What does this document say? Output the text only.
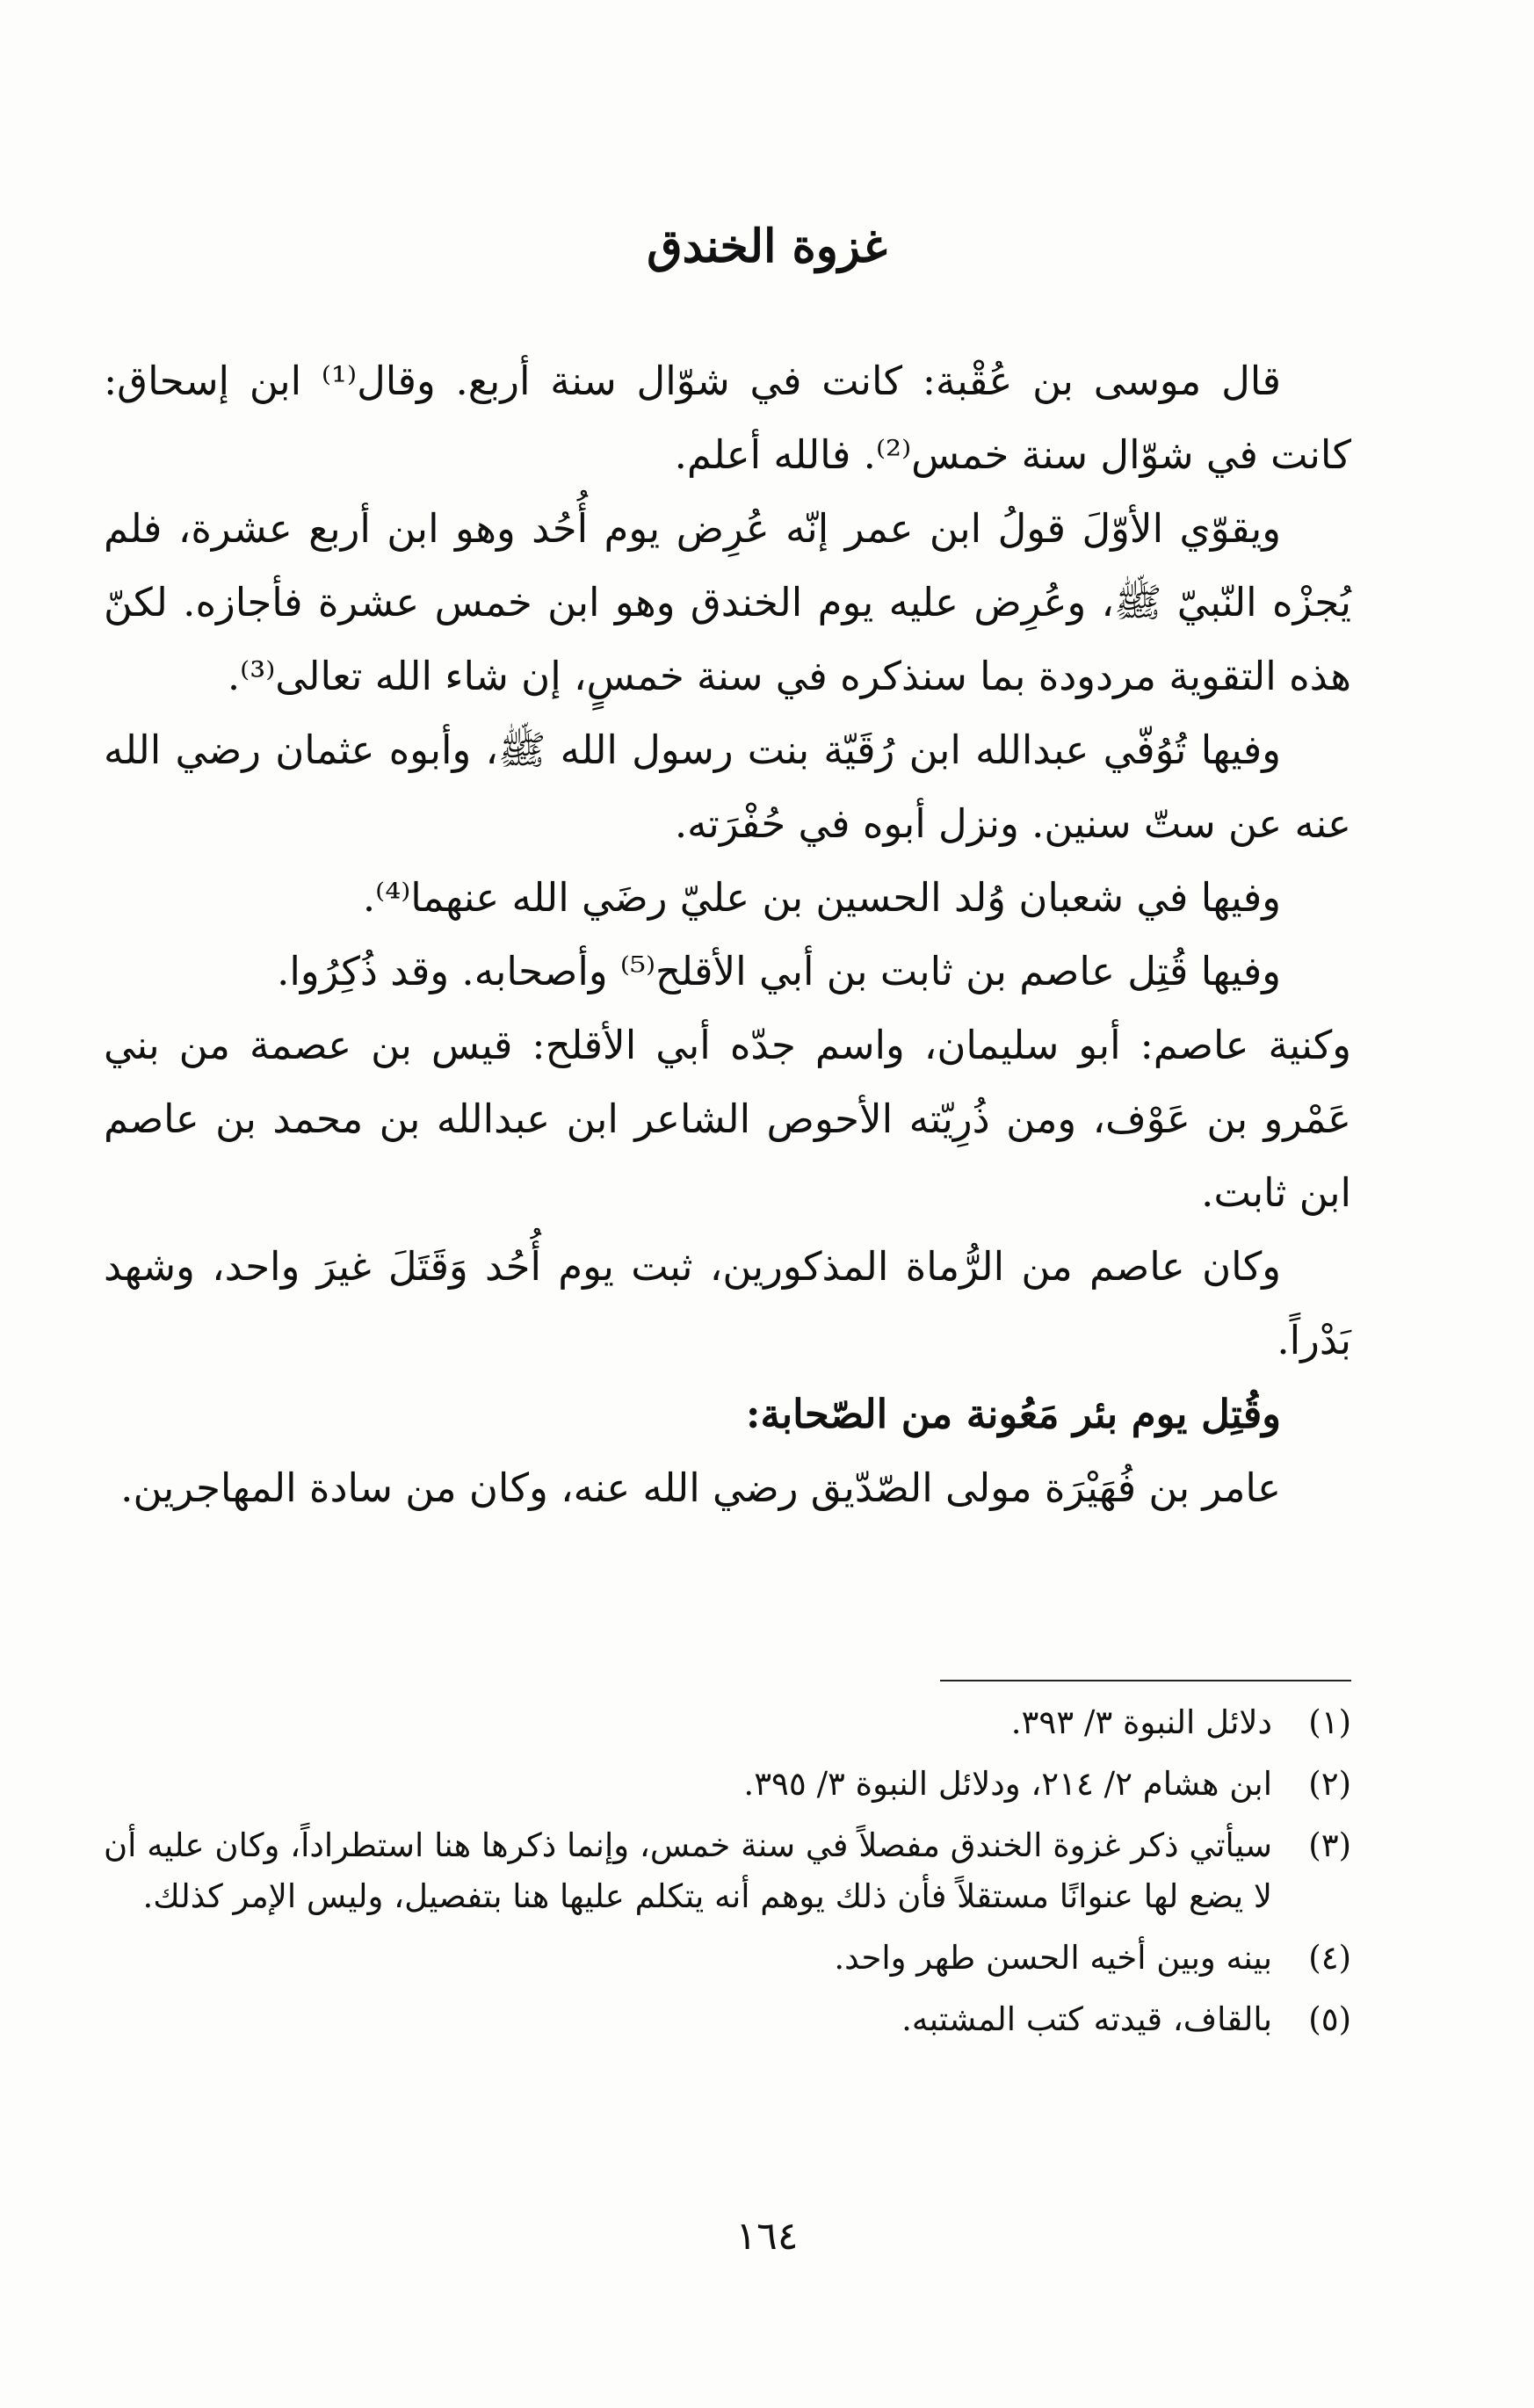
غزوة الخندق

قال موسى بن عُقْبة: كانت في شوّال سنة أربع. وقال⁽¹⁾ ابن إسحاق: كانت في شوّال سنة خمس⁽²⁾. فالله أعلم.

ويقوّي الأوّلَ قولُ ابن عمر إنّه عُرِض يوم أُحُد وهو ابن أربع عشرة، فلم يُجزْه النّبيّ ﷺ، وعُرِض عليه يوم الخندق وهو ابن خمس عشرة فأجازه. لكنّ هذه التقوية مردودة بما سنذكره في سنة خمسٍ، إن شاء الله تعالى⁽³⁾.

وفيها تُوُفّي عبدالله ابن رُقَيّة بنت رسول الله ﷺ، وأبوه عثمان رضي الله عنه عن ستّ سنين. ونزل أبوه في حُفْرَته.

وفيها في شعبان وُلد الحسين بن عليّ رضَي الله عنهما⁽⁴⁾.

وفيها قُتِل عاصم بن ثابت بن أبي الأقلح⁽⁵⁾ وأصحابه. وقد ذُكِرُوا.

وكنية عاصم: أبو سليمان، واسم جدّه أبي الأقلح: قيس بن عصمة من بني عَمْرو بن عَوْف، ومن ذُرِيّته الأحوص الشاعر ابن عبدالله بن محمد بن عاصم ابن ثابت.

وكان عاصم من الرُّماة المذكورين، ثبت يوم أُحُد وَقَتَلَ غيرَ واحد، وشهد بَدْراً.

وقُتِل يوم بئر مَعُونة من الصّحابة:

عامر بن فُهَيْرَة مولى الصّدّيق رضي الله عنه، وكان من سادة المهاجرين.

(١)
دلائل النبوة ٣/ ٣٩٣.
(٢)
ابن هشام ٢/ ٢١٤، ودلائل النبوة ٣/ ٣٩٥.
(٣)
سيأتي ذكر غزوة الخندق مفصلاً في سنة خمس، وإنما ذكرها هنا استطراداً، وكان عليه أن لا يضع لها عنوانًا مستقلاً فأن ذلك يوهم أنه يتكلم عليها هنا بتفصيل، وليس الإمر كذلك.
(٤)
بينه وبين أخيه الحسن طهر واحد.
(٥)
بالقاف، قيدته كتب المشتبه.
١٦٤
